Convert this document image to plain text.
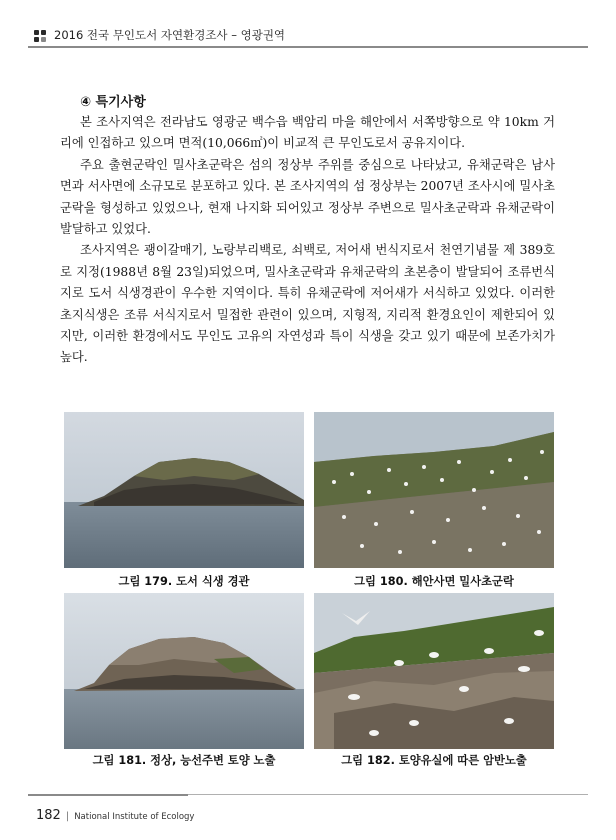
2016 전국 무인도서 자연환경조사 – 영광권역
④ 특기사항

본 조사지역은 전라남도 영광군 백수읍 백암리 마을 해안에서 서쪽방향으로 약 10km 거리에 인접하고 있으며 면적(10,066㎡)이 비교적 큰 무인도로서 공유지이다.

주요 출현군락인 밀사초군락은 섬의 정상부 주위를 중심으로 나타났고, 유채군락은 남사면과 서사면에 소규모로 분포하고 있다. 본 조사지역의 섬 정상부는 2007년 조사시에 밀사초군락을 형성하고 있었으나, 현재 나지화 되어있고 정상부 주변으로 밀사초군락과 유채군락이 발달하고 있었다.

조사지역은 괭이갈매기, 노랑부리백로, 쇠백로, 저어새 번식지로서 천연기념물 제 389호로 지정(1988년 8월 23일)되었으며, 밀사초군락과 유채군락의 초본층이 발달되어 조류번식지로 도서 식생경관이 우수한 지역이다. 특히 유채군락에 저어새가 서식하고 있었다. 이러한 초지식생은 조류 서식지로서 밀접한 관련이 있으며, 지형적, 지리적 환경요인이 제한되어 있지만, 이러한 환경에서도 무인도 고유의 자연성과 특이 식생을 갖고 있기 때문에 보존가치가 높다.

그림 179. 도서 식생 경관	그림 180. 해안사면 밀사초군락
그림 181. 정상, 능선주변 토양 노출	그림 182. 토양유실에 따른 암반노출
182 | National Institute of Ecology
